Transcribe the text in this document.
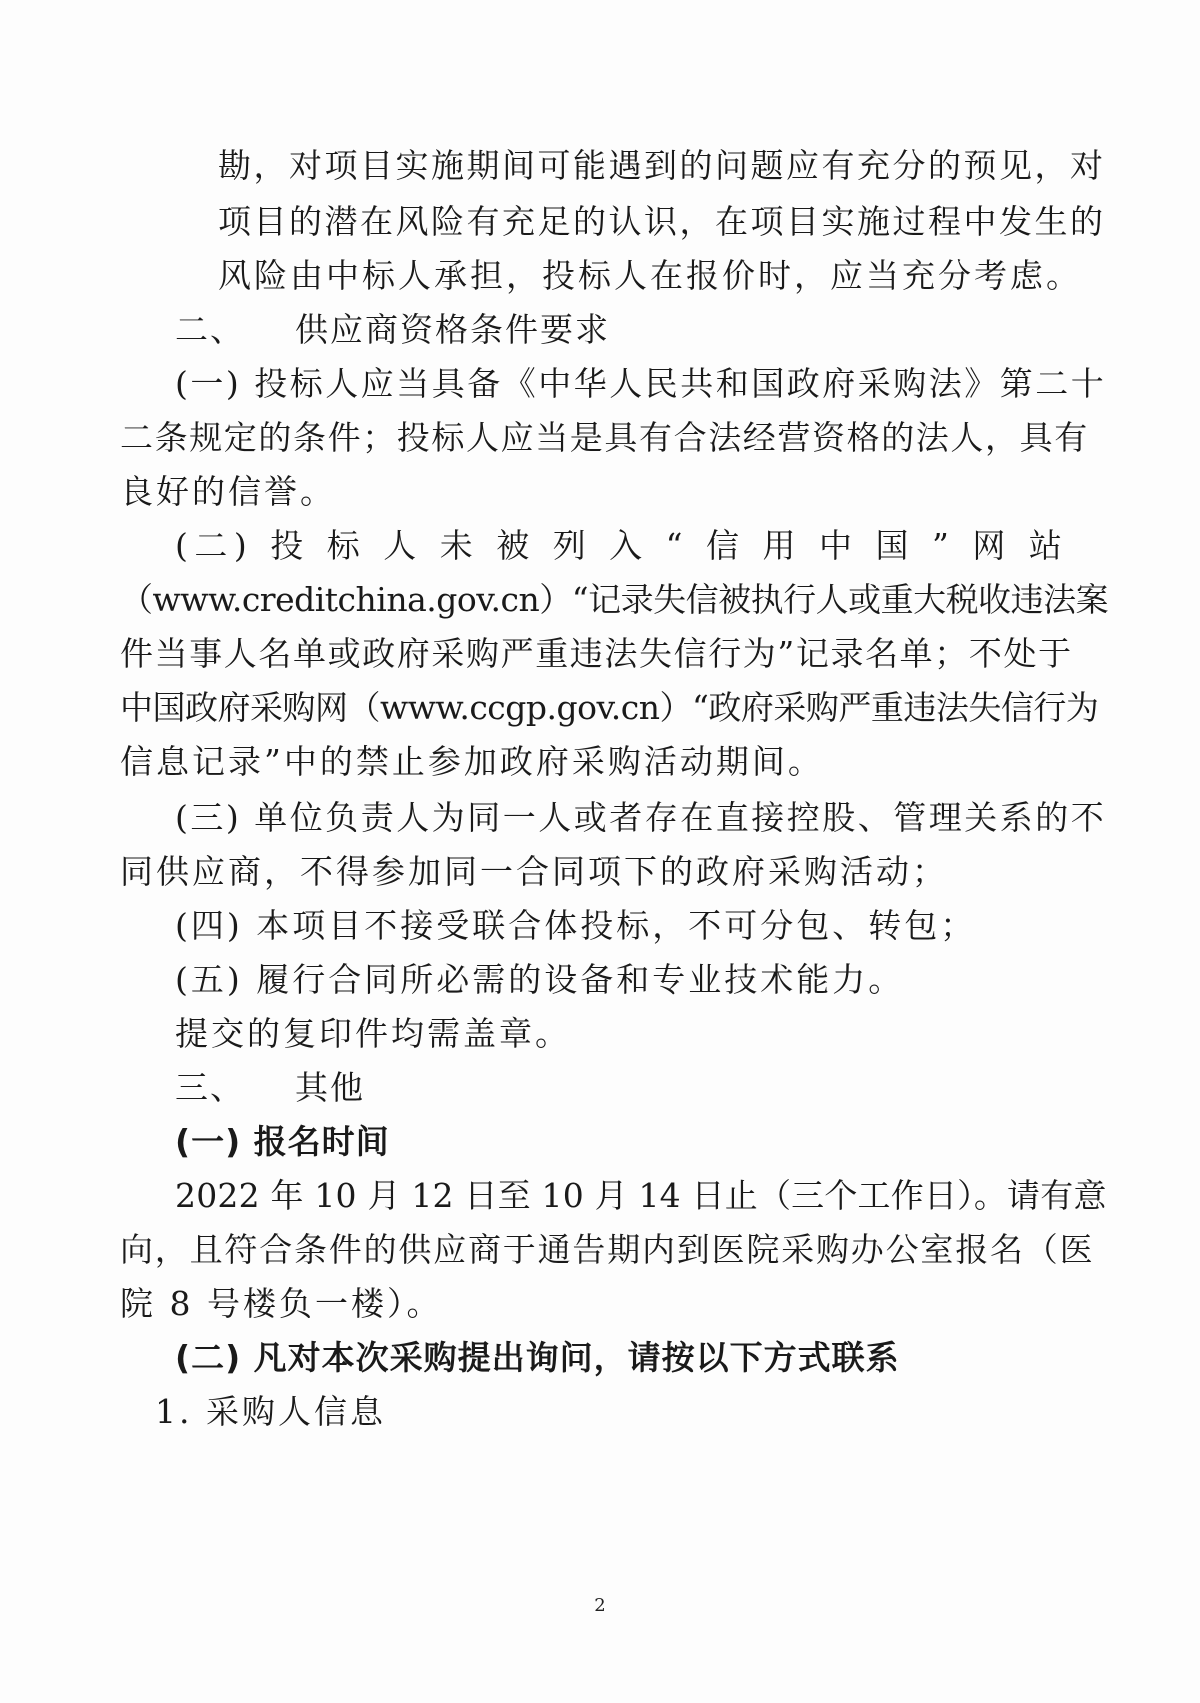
勘，对项目实施期间可能遇到的问题应有充分的预见，对
项目的潜在风险有充足的认识，在项目实施过程中发生的
风险由中标人承担，投标人在报价时，应当充分考虑。
二、    供应商资格条件要求
(一) 投标人应当具备《中华人民共和国政府采购法》第二十
二条规定的条件；投标人应当是具有合法经营资格的法人，具有
良好的信誉。
(二) 投 标 人 未 被 列 入 “ 信 用 中 国 ” 网 站
（www.creditchina.gov.cn）“记录失信被执行人或重大税收违法案
件当事人名单或政府采购严重违法失信行为”记录名单；不处于
中国政府采购网（www.ccgp.gov.cn）“政府采购严重违法失信行为
信息记录”中的禁止参加政府采购活动期间。
(三) 单位负责人为同一人或者存在直接控股、管理关系的不
同供应商，不得参加同一合同项下的政府采购活动；
(四) 本项目不接受联合体投标，不可分包、转包；
(五) 履行合同所必需的设备和专业技术能力。
提交的复印件均需盖章。
三、    其他
(一) 报名时间
2022 年 10 月 12 日至 10 月 14 日止（三个工作日）。请有意
向，且符合条件的供应商于通告期内到医院采购办公室报名（医
院 8 号楼负一楼）。
(二) 凡对本次采购提出询问，请按以下方式联系
1. 采购人信息
2
